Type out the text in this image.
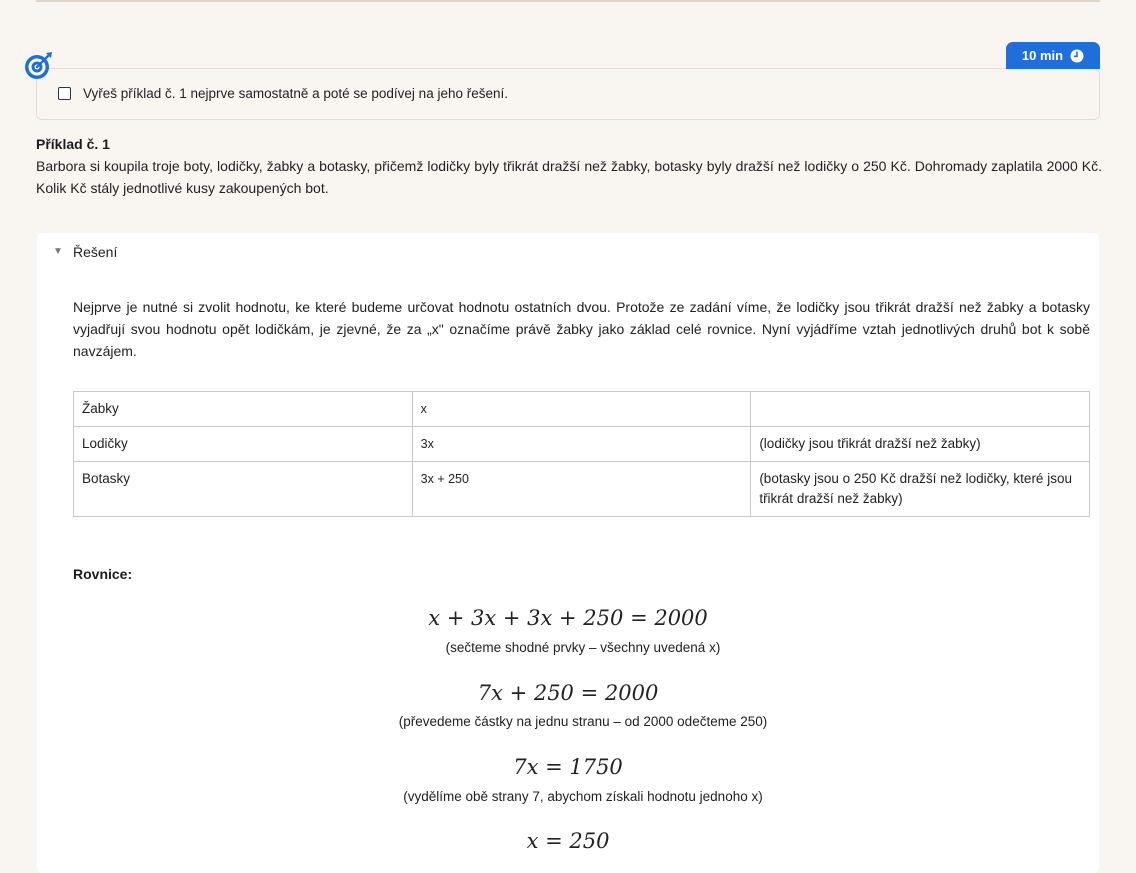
10 min
Vyřeš příklad č. 1 nejprve samostatně a poté se podívej na jeho řešení.
Příklad č. 1
Barbora si koupila troje boty, lodičky, žabky a botasky, přičemž lodičky byly třikrát dražší než žabky, botasky byly dražší než lodičky o 250 Kč. Dohromady zaplatila 2000 Kč. Kolik Kč stály jednotlivé kusy zakoupených bot.
▼ Řešení
Nejprve je nutné si zvolit hodnotu, ke které budeme určovat hodnotu ostatních dvou. Protože ze zadání víme, že lodičky jsou třikrát dražší než žabky a botasky vyjadřují svou hodnotu opět lodičkám, je zjevné, že za „x" označíme právě žabky jako základ celé rovnice. Nyní vyjádříme vztah jednotlivých druhů bot k sobě navzájem.
Žabky	x	
Lodičky	3x	(lodičky jsou třikrát dražší než žabky)
Botasky	3x + 250	(botasky jsou o 250 Kč dražší než lodičky, které jsou třikrát dražší než žabky)
Rovnice:
x + 3x + 3x + 250 = 2000
(sečteme shodné prvky – všechny uvedená x)
7x + 250 = 2000
(převedeme částky na jednu stranu – od 2000 odečteme 250)
7x = 1750
(vydělíme obě strany 7, abychom získali hodnotu jednoho x)
x = 250
